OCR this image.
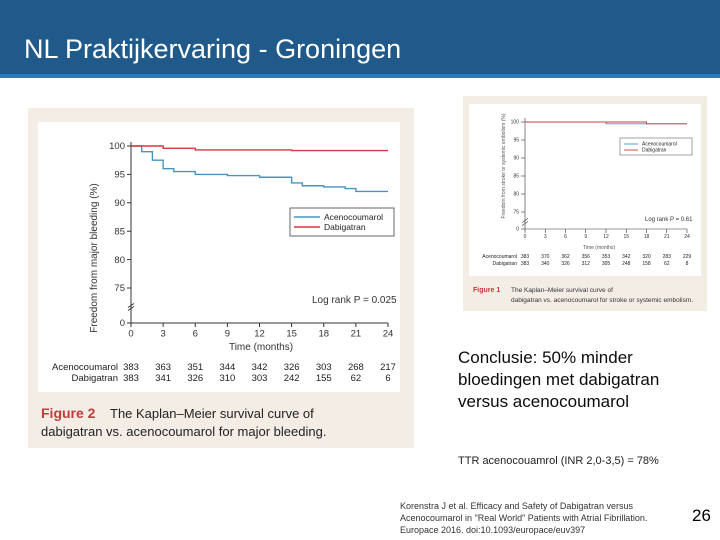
NL Praktijkervaring - Groningen
0
75
80
85
90
95
100
0	3	6	9	12 15 18 21 24
Acenocoumarol
Dabigatran
Acenocoumarol 383 363 351 344 342 326 303 268 217
Dabigatran 383 341 326 310 303 242 155 62	6
Freedom from major bleeding (%)
Time (months)
Log rank P = 0.025
Figure 2 The Kaplan–Meier survival curve of
dabigatran vs. acenocoumarol for major bleeding.
0
75
80
85
90
95
100
0	3	6	9	12	15	18	21	24
Acenocoumarol
Dabigatran
Acenocoumarol 383 370 362 356 353 342 320 283 229
Dabigatran 383 340 326 312 305 248 158	62	8
Freedom from stroke or systemic embolism (%)
Time (months)
Log rank P = 0.61
Figure 1 The Kaplan–Meier survival curve of
dabigatran vs. acenocoumarol for stroke or systemic embolism.
Conclusie: 50% minder bloedingen met dabigatran versus acenocoumarol
TTR acenocouamrol (INR 2,0-3,5) = 78%
Korenstra J et al. Efficacy and Safety of Dabigatran versus Acenocoumarol in "Real World" Patients with Atrial Fibrillation. Europace 2016. doi:10.1093/europace/euv397
26
